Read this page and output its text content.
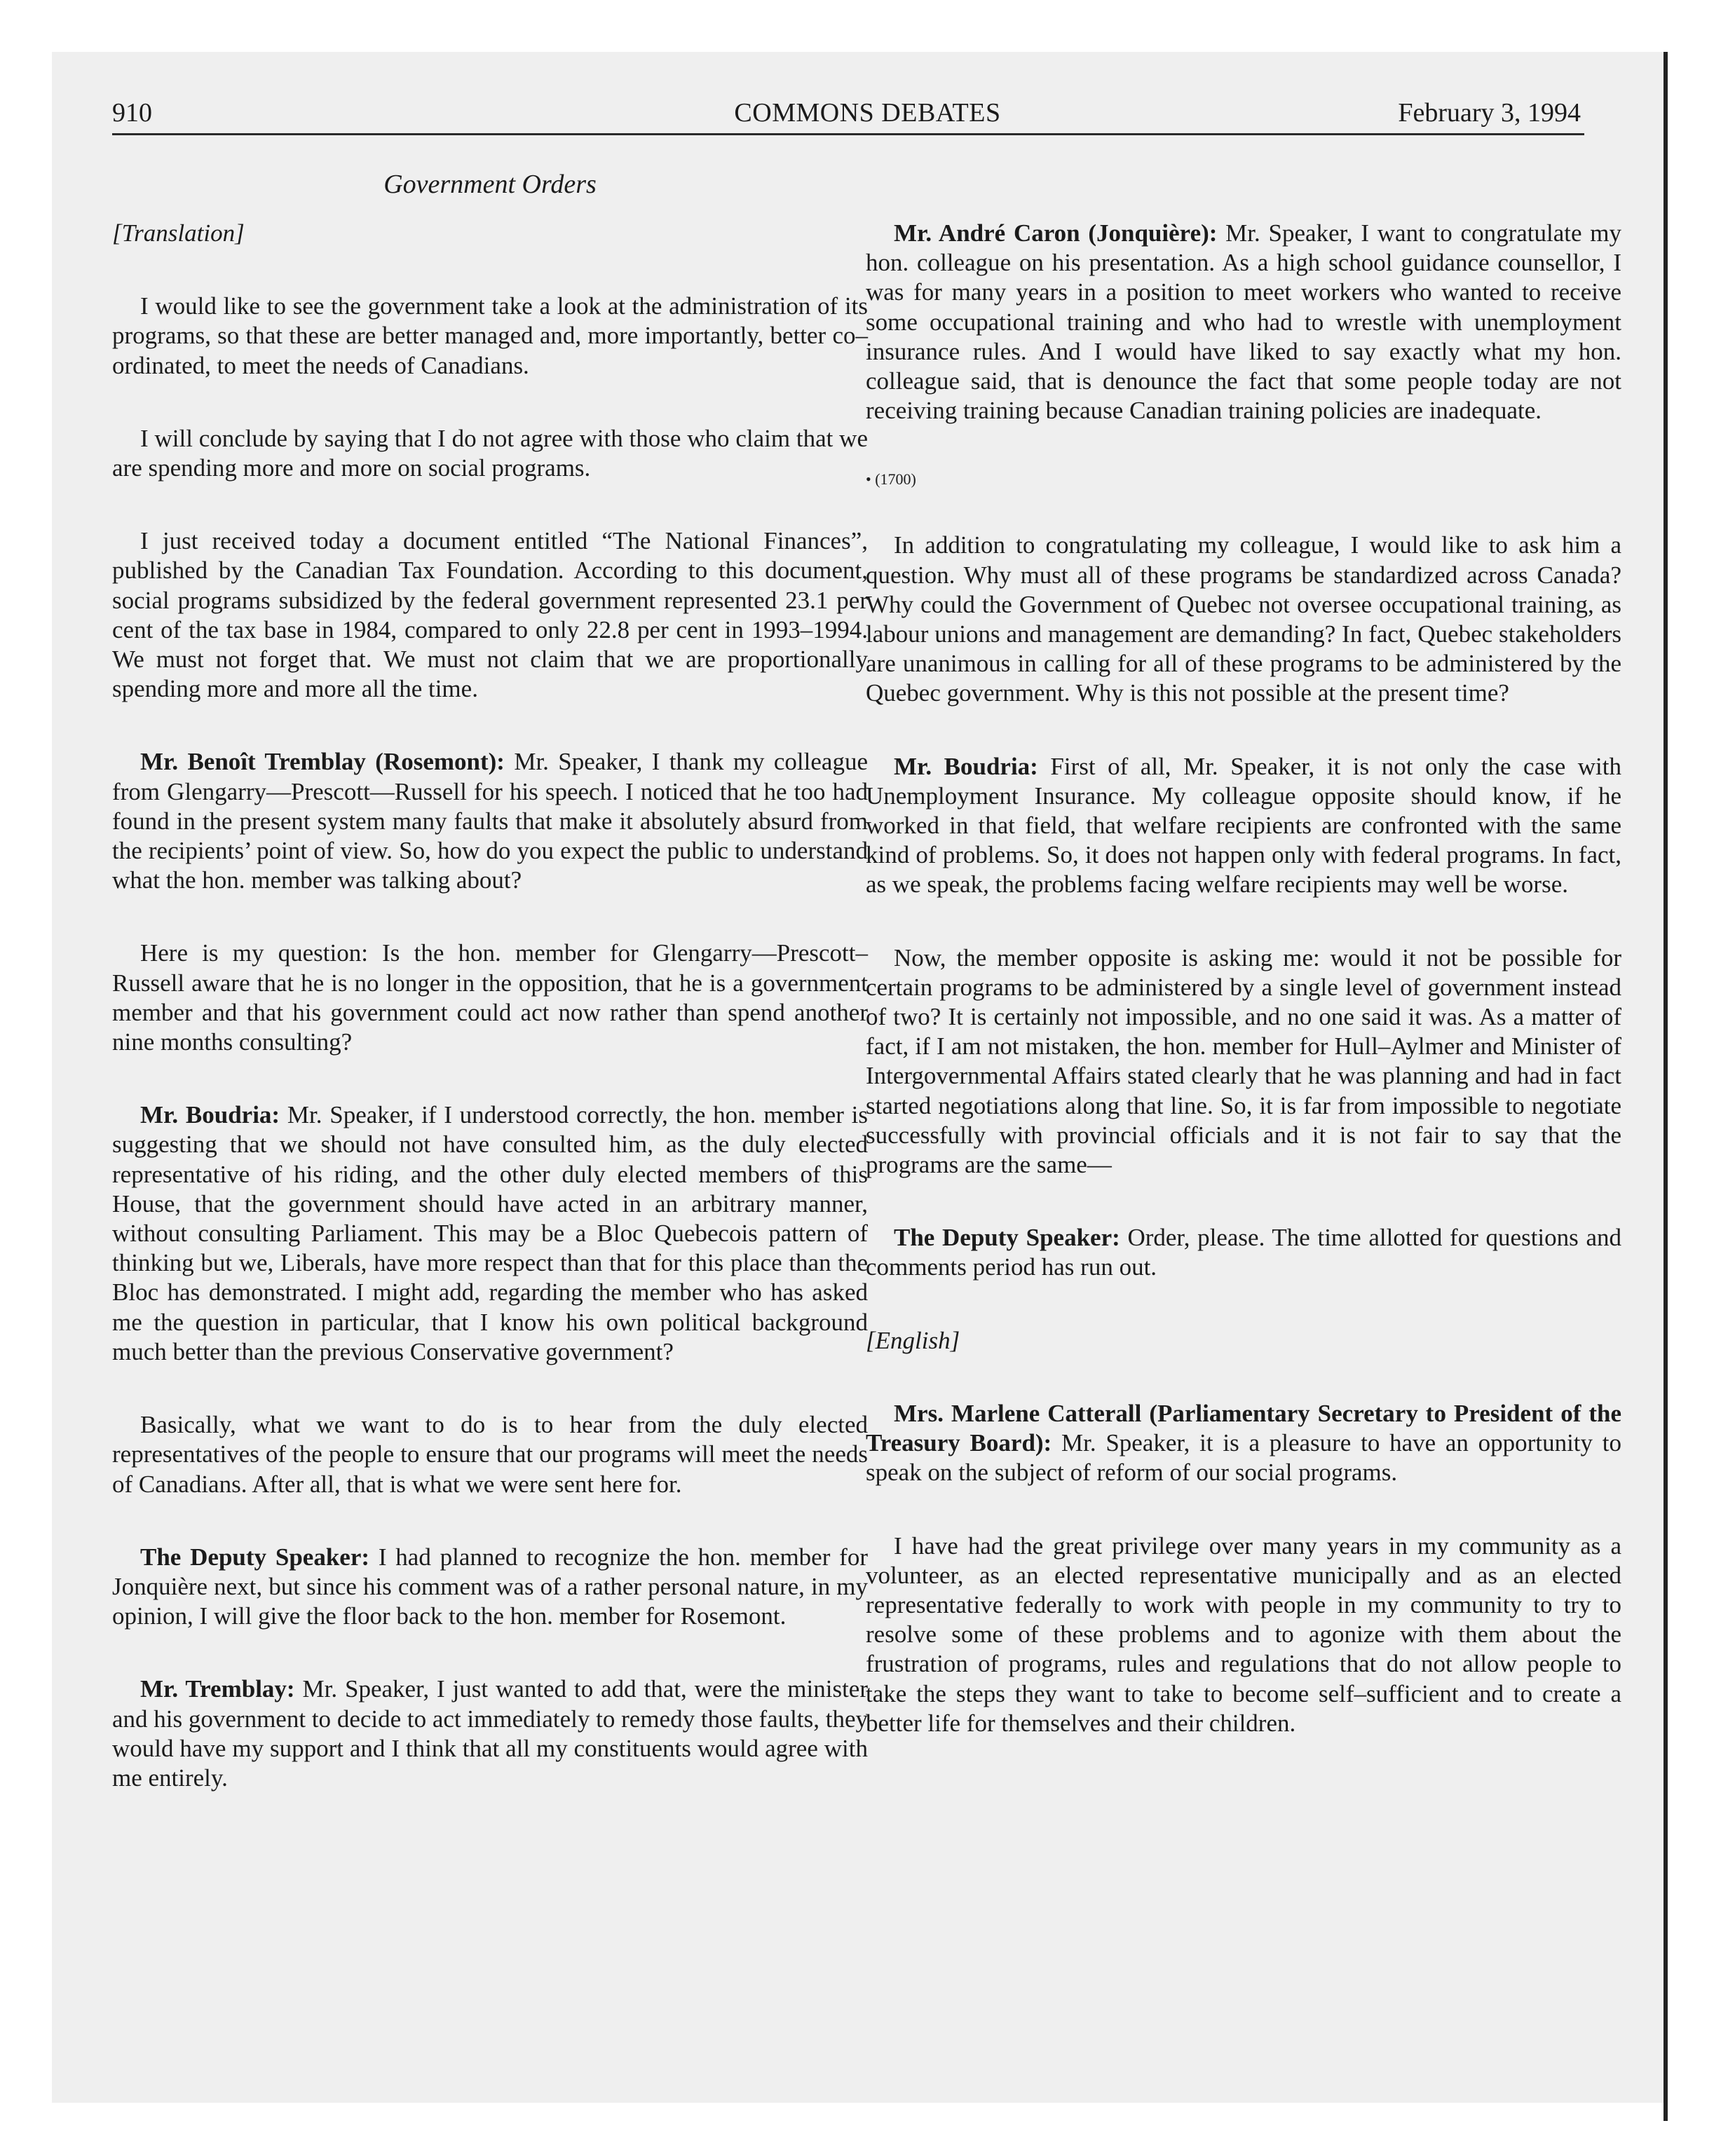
COMMONS DEBATES
910	February 3, 1994
Government Orders

[Translation]

I would like to see the government take a look at the administration of its programs, so that these are better managed and, more importantly, better co–ordinated, to meet the needs of Canadians.

I will conclude by saying that I do not agree with those who claim that we are spending more and more on social programs.

I just received today a document entitled “The National Finances”, published by the Canadian Tax Foundation. According to this document, social programs subsidized by the federal government represented 23.1 per cent of the tax base in 1984, compared to only 22.8 per cent in 1993–1994. We must not forget that. We must not claim that we are proportionally spending more and more all the time.

Mr. Benoît Tremblay (Rosemont): Mr. Speaker, I thank my colleague from Glengarry—Prescott—Russell for his speech. I noticed that he too had found in the present system many faults that make it absolutely absurd from the recipients’ point of view. So, how do you expect the public to understand what the hon. member was talking about?

Here is my question: Is the hon. member for Glengarry—Prescott–Russell aware that he is no longer in the opposition, that he is a government member and that his government could act now rather than spend another nine months consulting?

Mr. Boudria: Mr. Speaker, if I understood correctly, the hon. member is suggesting that we should not have consulted him, as the duly elected representative of his riding, and the other duly elected members of this House, that the government should have acted in an arbitrary manner, without consulting Parliament. This may be a Bloc Quebecois pattern of thinking but we, Liberals, have more respect than that for this place than the Bloc has demonstrated. I might add, regarding the member who has asked me the question in particular, that I know his own political background much better than the previous Conservative government?

Basically, what we want to do is to hear from the duly elected representatives of the people to ensure that our programs will meet the needs of Canadians. After all, that is what we were sent here for.

The Deputy Speaker: I had planned to recognize the hon. member for Jonquière next, but since his comment was of a rather personal nature, in my opinion, I will give the floor back to the hon. member for Rosemont.

Mr. Tremblay: Mr. Speaker, I just wanted to add that, were the minister and his government to decide to act immediately to remedy those faults, they would have my support and I think that all my constituents would agree with me entirely.

Mr. André Caron (Jonquière): Mr. Speaker, I want to congratulate my hon. colleague on his presentation. As a high school guidance counsellor, I was for many years in a position to meet workers who wanted to receive some occupational training and who had to wrestle with unemployment insurance rules. And I would have liked to say exactly what my hon. colleague said, that is denounce the fact that some people today are not receiving training because Canadian training policies are inadequate.

• (1700)

In addition to congratulating my colleague, I would like to ask him a question. Why must all of these programs be standardized across Canada? Why could the Government of Quebec not oversee occupational training, as labour unions and management are demanding? In fact, Quebec stakeholders are unanimous in calling for all of these programs to be administered by the Quebec government. Why is this not possible at the present time?

Mr. Boudria: First of all, Mr. Speaker, it is not only the case with Unemployment Insurance. My colleague opposite should know, if he worked in that field, that welfare recipients are confronted with the same kind of problems. So, it does not happen only with federal programs. In fact, as we speak, the problems facing welfare recipients may well be worse.

Now, the member opposite is asking me: would it not be possible for certain programs to be administered by a single level of government instead of two? It is certainly not impossible, and no one said it was. As a matter of fact, if I am not mistaken, the hon. member for Hull–Aylmer and Minister of Intergovernmental Affairs stated clearly that he was planning and had in fact started negotiations along that line. So, it is far from impossible to negotiate successfully with provincial officials and it is not fair to say that the programs are the same—

The Deputy Speaker: Order, please. The time allotted for questions and comments period has run out.

[English]

Mrs. Marlene Catterall (Parliamentary Secretary to President of the Treasury Board): Mr. Speaker, it is a pleasure to have an opportunity to speak on the subject of reform of our social programs.

I have had the great privilege over many years in my community as a volunteer, as an elected representative municipally and as an elected representative federally to work with people in my community to try to resolve some of these problems and to agonize with them about the frustration of programs, rules and regulations that do not allow people to take the steps they want to take to become self–sufficient and to create a better life for themselves and their children.
